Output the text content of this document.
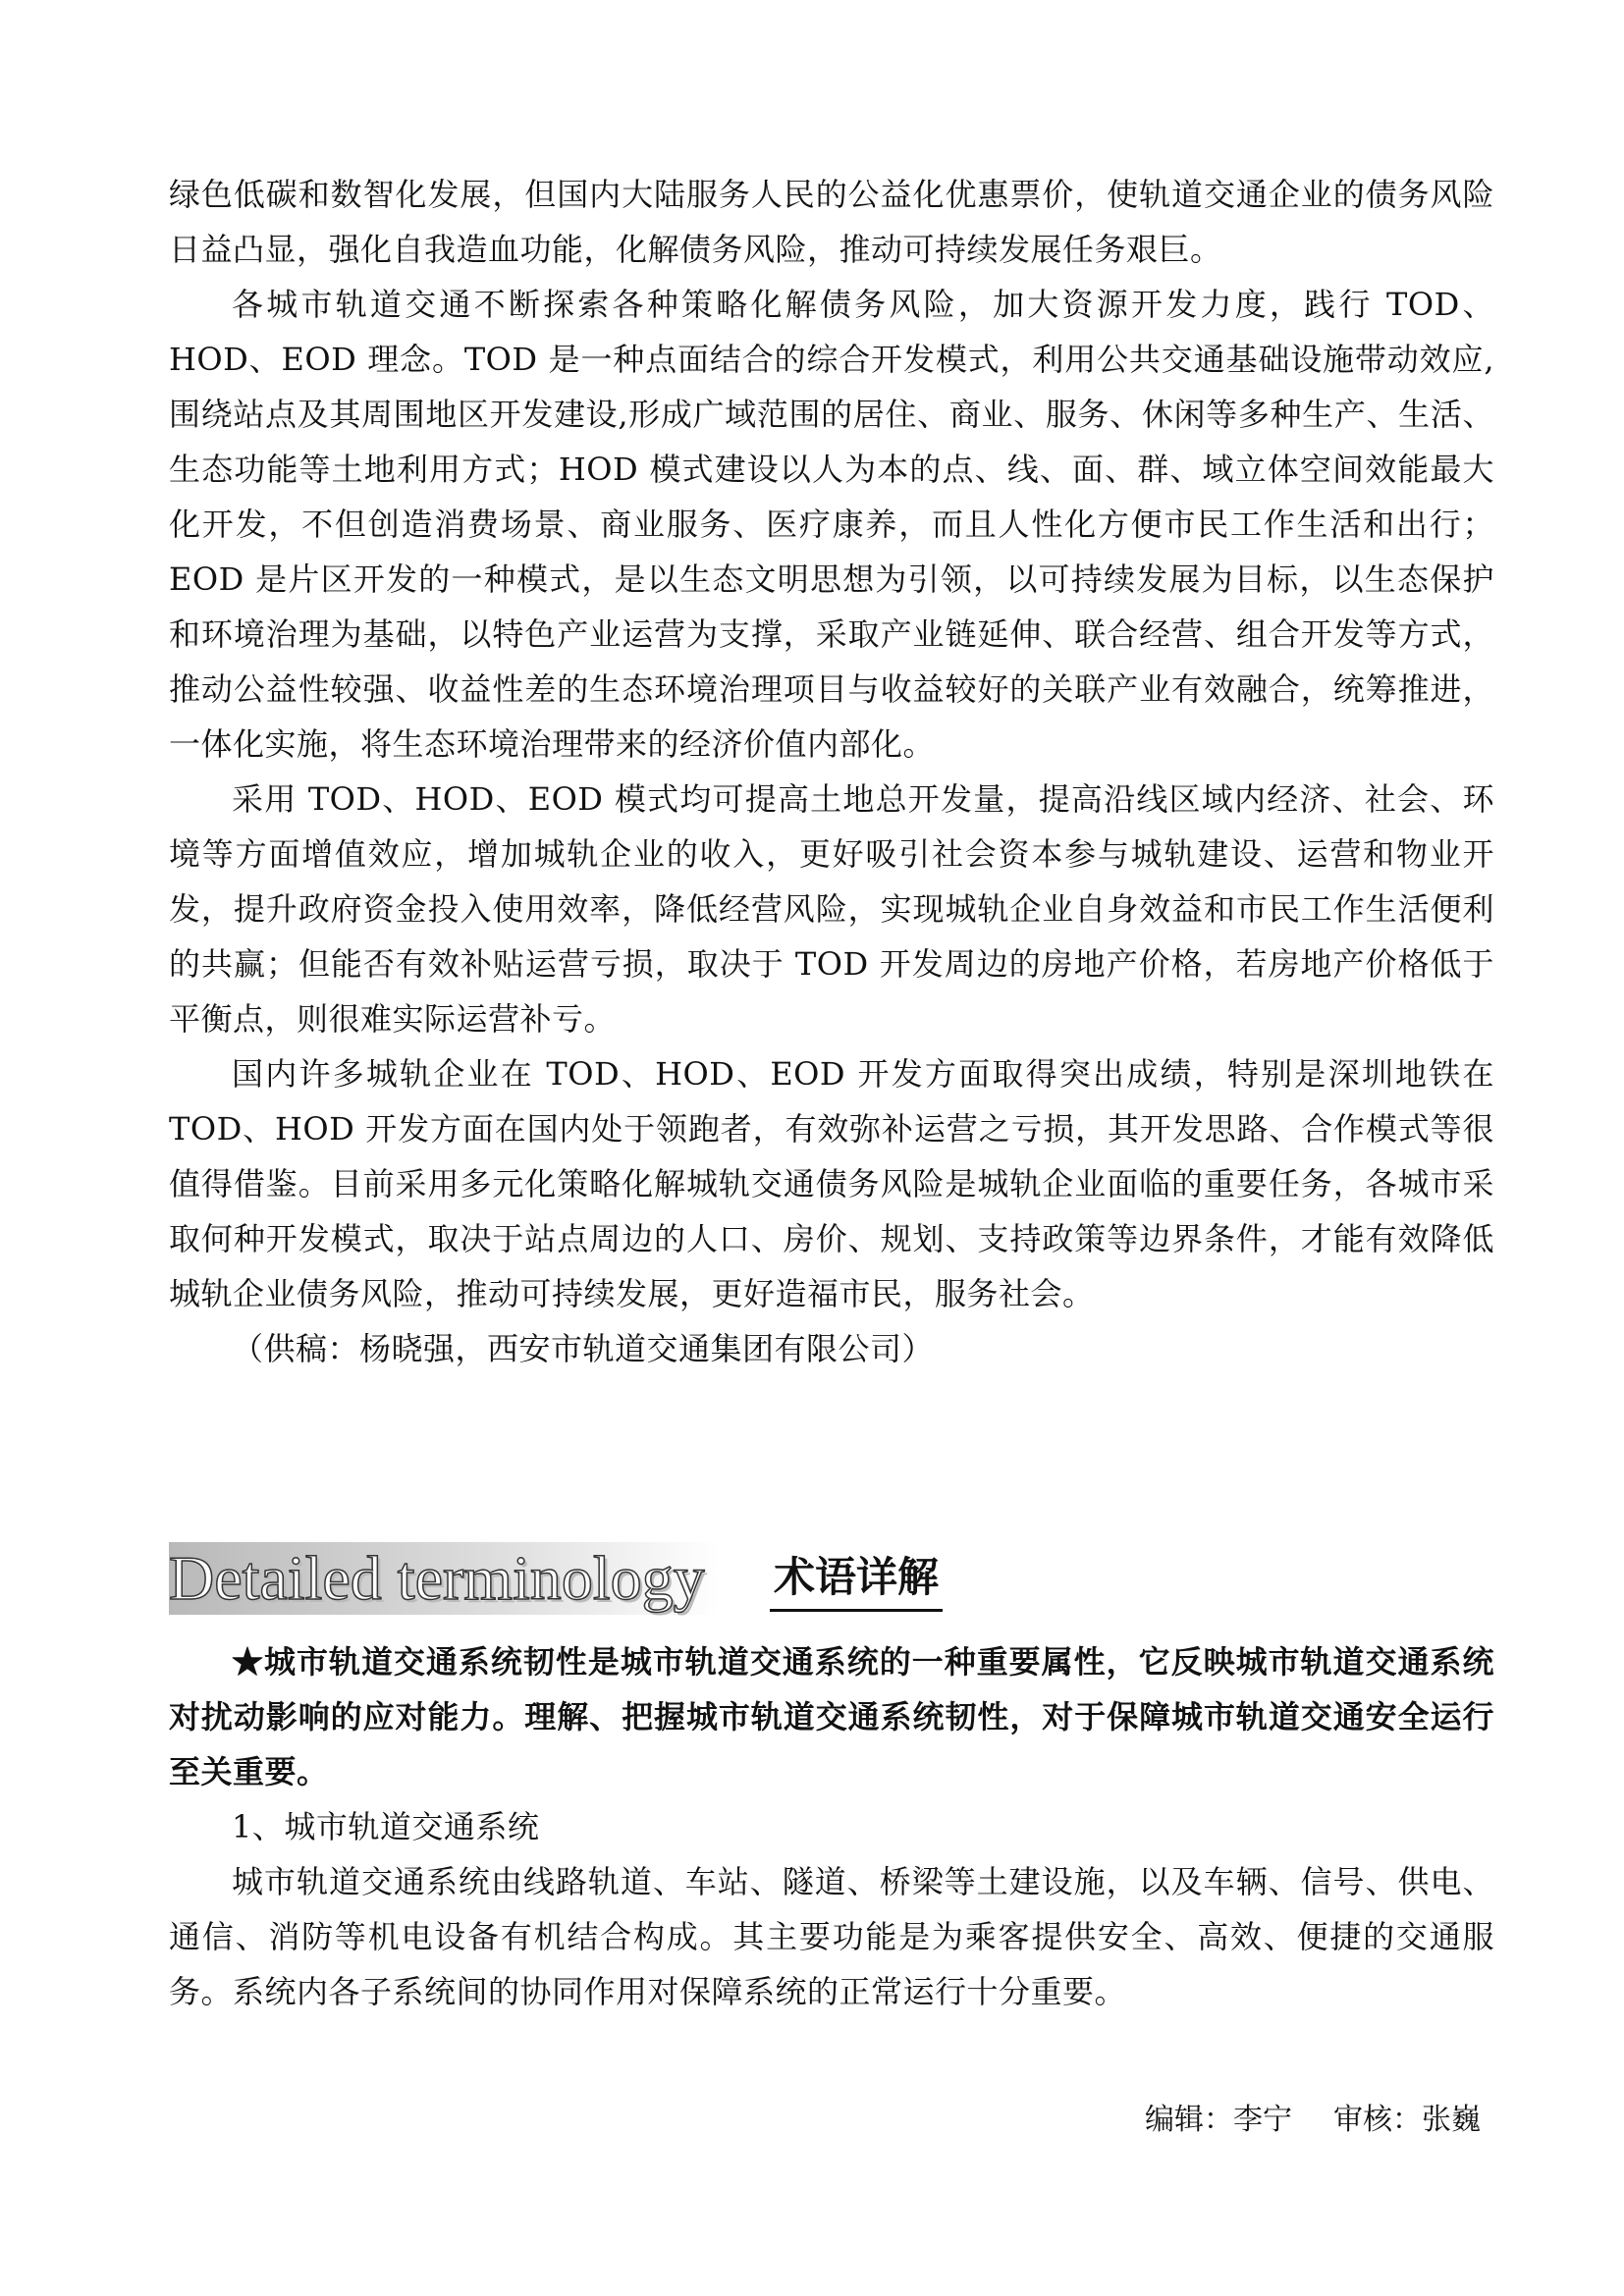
绿色低碳和数智化发展，但国内大陆服务人民的公益化优惠票价，使轨道交通企业的债务风险日益凸显，强化自我造血功能，化解债务风险，推动可持续发展任务艰巨。

各城市轨道交通不断探索各种策略化解债务风险，加大资源开发力度，践行 TOD、HOD、EOD 理念。TOD 是一种点面结合的综合开发模式，利用公共交通基础设施带动效应,围绕站点及其周围地区开发建设,形成广域范围的居住、商业、服务、休闲等多种生产、生活、生态功能等土地利用方式；HOD 模式建设以人为本的点、线、面、群、域立体空间效能最大化开发，不但创造消费场景、商业服务、医疗康养，而且人性化方便市民工作生活和出行；EOD 是片区开发的一种模式，是以生态文明思想为引领，以可持续发展为目标，以生态保护和环境治理为基础，以特色产业运营为支撑，采取产业链延伸、联合经营、组合开发等方式，推动公益性较强、收益性差的生态环境治理项目与收益较好的关联产业有效融合，统筹推进，一体化实施，将生态环境治理带来的经济价值内部化。

采用 TOD、HOD、EOD 模式均可提高土地总开发量，提高沿线区域内经济、社会、环境等方面增值效应，增加城轨企业的收入，更好吸引社会资本参与城轨建设、运营和物业开发，提升政府资金投入使用效率，降低经营风险，实现城轨企业自身效益和市民工作生活便利的共赢；但能否有效补贴运营亏损，取决于 TOD 开发周边的房地产价格，若房地产价格低于平衡点，则很难实际运营补亏。

国内许多城轨企业在 TOD、HOD、EOD 开发方面取得突出成绩，特别是深圳地铁在 TOD、HOD 开发方面在国内处于领跑者，有效弥补运营之亏损，其开发思路、合作模式等很值得借鉴。目前采用多元化策略化解城轨交通债务风险是城轨企业面临的重要任务，各城市采取何种开发模式，取决于站点周边的人口、房价、规划、支持政策等边界条件，才能有效降低城轨企业债务风险，推动可持续发展，更好造福市民，服务社会。

（供稿：杨晓强，西安市轨道交通集团有限公司）

Detailed terminology 术语详解

★城市轨道交通系统韧性是城市轨道交通系统的一种重要属性，它反映城市轨道交通系统对扰动影响的应对能力。理解、把握城市轨道交通系统韧性，对于保障城市轨道交通安全运行至关重要。

1、城市轨道交通系统

城市轨道交通系统由线路轨道、车站、隧道、桥梁等土建设施，以及车辆、信号、供电、通信、消防等机电设备有机结合构成。其主要功能是为乘客提供安全、高效、便捷的交通服务。系统内各子系统间的协同作用对保障系统的正常运行十分重要。

编辑：李宁 审核：张巍
